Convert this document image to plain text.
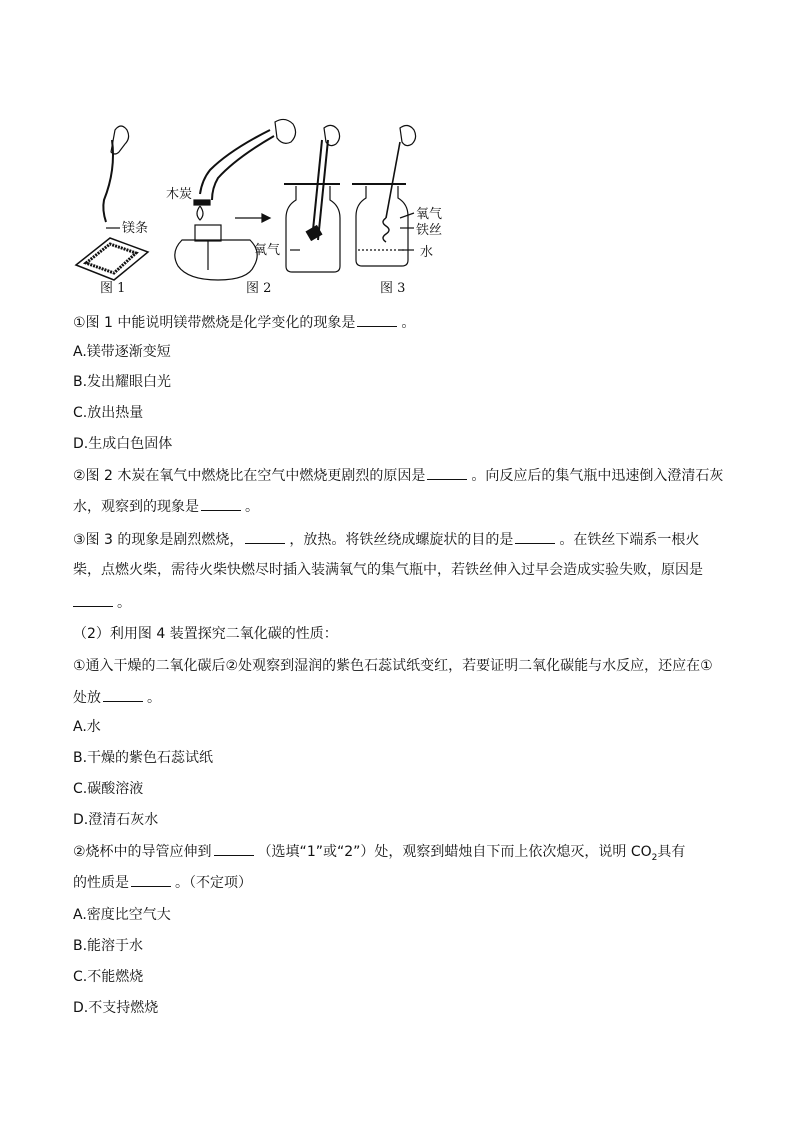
镁条
图 1
木炭
氧气
图 2
氧气
铁丝
水
图 3
①图 1 中能说明镁带燃烧是化学变化的现象是	。
A.镁带逐渐变短
B.发出耀眼白光
C.放出热量
D.生成白色固体
②图 2 木炭在氧气中燃烧比在空气中燃烧更剧烈的原因是	。向反应后的集气瓶中迅速倒入澄清石灰
水，观察到的现象是	。
③图 3 的现象是剧烈燃烧，	，放热。将铁丝绕成螺旋状的目的是	。在铁丝下端系一根火
柴，点燃火柴，需待火柴快燃尽时插入装满氧气的集气瓶中，若铁丝伸入过早会造成实验失败，原因是
。
（2）利用图 4 装置探究二氧化碳的性质：
①通入干燥的二氧化碳后②处观察到湿润的紫色石蕊试纸变红，若要证明二氧化碳能与水反应，还应在①
处放	。
A.水
B.干燥的紫色石蕊试纸
C.碳酸溶液
D.澄清石灰水
②烧杯中的导管应伸到	（选填“1”或“2”）处，观察到蜡烛自下而上依次熄灭，说明 $CO_2$具有
的性质是	。（不定项）
A.密度比空气大
B.能溶于水
C.不能燃烧
D.不支持燃烧
